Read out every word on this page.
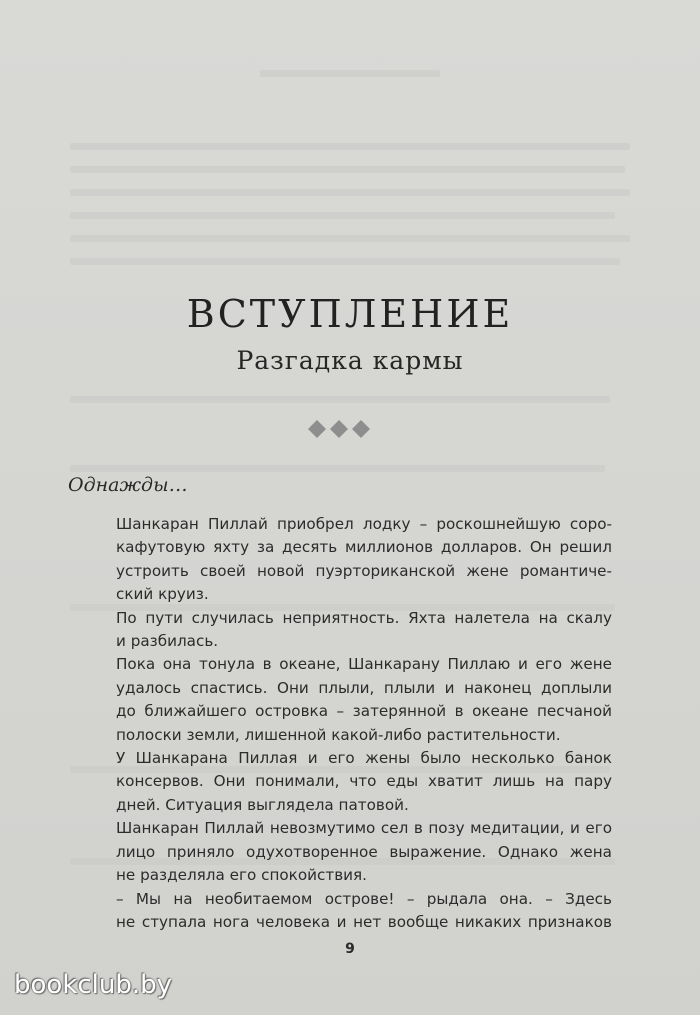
ВСТУПЛЕНИЕ
Разгадка кармы
Однажды…
Шанкаран Пиллай приобрел лодку – роскошнейшую соро-
кафутовую яхту за десять миллионов долларов. Он решил
устроить своей новой пуэрториканской жене романтиче-
ский круиз.
По пути случилась неприятность. Яхта налетела на скалу
и разбилась.
Пока она тонула в океане, Шанкарану Пиллаю и его жене
удалось спастись. Они плыли, плыли и наконец доплыли
до ближайшего островка – затерянной в океане песчаной
полоски земли, лишенной какой-либо растительности.
У Шанкарана Пиллая и его жены было несколько банок
консервов. Они понимали, что еды хватит лишь на пару
дней. Ситуация выглядела патовой.
Шанкаран Пиллай невозмутимо сел в позу медитации, и его
лицо приняло одухотворенное выражение. Однако жена
не разделяла его спокойствия.
– Мы на необитаемом острове! – рыдала она. – Здесь
не ступала нога человека и нет вообще никаких признаков
9
bookclub.by
